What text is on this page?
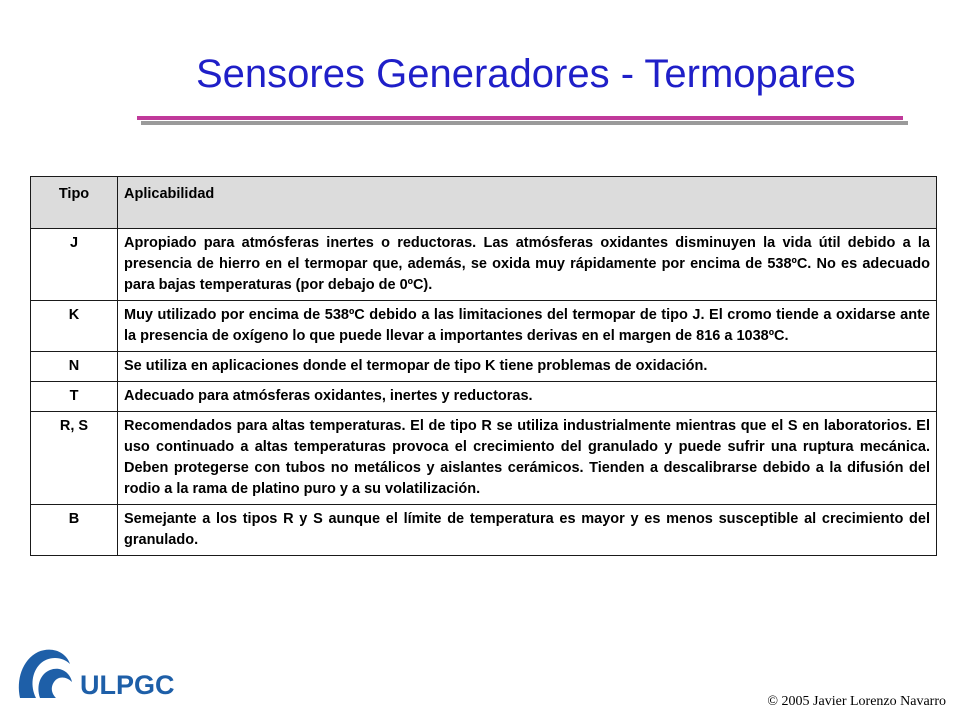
Sensores Generadores - Termopares
Tipo	Aplicabilidad
J	Apropiado para atmósferas inertes o reductoras. Las atmósferas oxidantes disminuyen la vida útil debido a la presencia de hierro en el termopar que, además, se oxida muy rápidamente por encima de 538ºC. No es adecuado para bajas temperaturas (por debajo de 0ºC).
K	Muy utilizado por encima de 538ºC debido a las limitaciones del termopar de tipo J. El cromo tiende a oxidarse ante la presencia de oxígeno lo que puede llevar a importantes derivas en el margen de 816 a 1038ºC.
N	Se utiliza en aplicaciones donde el termopar de tipo K tiene problemas de oxidación.
T	Adecuado para atmósferas oxidantes, inertes y reductoras.
R, S	Recomendados para altas temperaturas. El de tipo R se utiliza industrialmente mientras que el S en laboratorios. El uso continuado a altas temperaturas provoca el crecimiento del granulado y puede sufrir una ruptura mecánica. Deben protegerse con tubos no metálicos y aislantes cerámicos. Tienden a descalibrarse debido a la difusión del rodio a la rama de platino puro y a su volatilización.
B	Semejante a los tipos R y S aunque el límite de temperatura es mayor y es menos susceptible al crecimiento del granulado.
ULPGC
© 2005 Javier Lorenzo Navarro
